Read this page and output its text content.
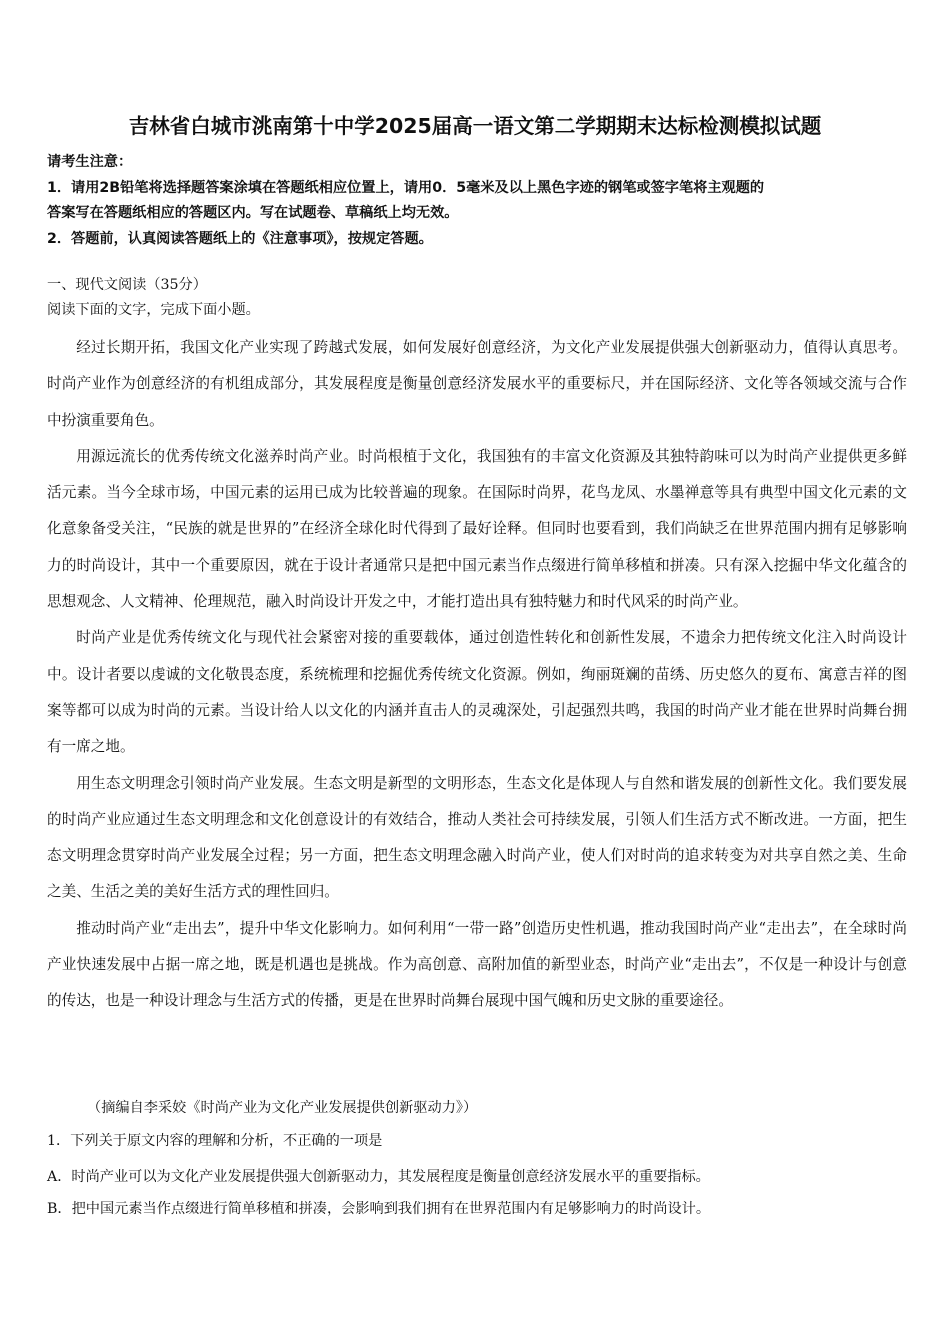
吉林省白城市洮南第十中学2025届高一语文第二学期期末达标检测模拟试题
请考生注意：
1．请用2B铅笔将选择题答案涂填在答题纸相应位置上，请用0．5毫米及以上黑色字迹的钢笔或签字笔将主观题的
答案写在答题纸相应的答题区内。写在试题卷、草稿纸上均无效。
2．答题前，认真阅读答题纸上的《注意事项》，按规定答题。
一、现代文阅读（35分）
阅读下面的文字，完成下面小题。

经过长期开拓，我国文化产业实现了跨越式发展，如何发展好创意经济，为文化产业发展提供强大创新驱动力，值得认真思考。时尚产业作为创意经济的有机组成部分，其发展程度是衡量创意经济发展水平的重要标尺，并在国际经济、文化等各领域交流与合作中扮演重要角色。

用源远流长的优秀传统文化滋养时尚产业。时尚根植于文化，我国独有的丰富文化资源及其独特韵味可以为时尚产业提供更多鲜活元素。当今全球市场，中国元素的运用已成为比较普遍的现象。在国际时尚界，花鸟龙凤、水墨禅意等具有典型中国文化元素的文化意象备受关注，“民族的就是世界的”在经济全球化时代得到了最好诠释。但同时也要看到，我们尚缺乏在世界范围内拥有足够影响力的时尚设计，其中一个重要原因，就在于设计者通常只是把中国元素当作点缀进行简单移植和拼凑。只有深入挖掘中华文化蕴含的思想观念、人文精神、伦理规范，融入时尚设计开发之中，才能打造出具有独特魅力和时代风采的时尚产业。

时尚产业是优秀传统文化与现代社会紧密对接的重要载体，通过创造性转化和创新性发展，不遗余力把传统文化注入时尚设计中。设计者要以虔诚的文化敬畏态度，系统梳理和挖掘优秀传统文化资源。例如，绚丽斑斓的苗绣、历史悠久的夏布、寓意吉祥的图案等都可以成为时尚的元素。当设计给人以文化的内涵并直击人的灵魂深处，引起强烈共鸣，我国的时尚产业才能在世界时尚舞台拥有一席之地。

用生态文明理念引领时尚产业发展。生态文明是新型的文明形态，生态文化是体现人与自然和谐发展的创新性文化。我们要发展的时尚产业应通过生态文明理念和文化创意设计的有效结合，推动人类社会可持续发展，引领人们生活方式不断改进。一方面，把生态文明理念贯穿时尚产业发展全过程；另一方面，把生态文明理念融入时尚产业，使人们对时尚的追求转变为对共享自然之美、生命之美、生活之美的美好生活方式的理性回归。

推动时尚产业“走出去”，提升中华文化影响力。如何利用“一带一路”创造历史性机遇，推动我国时尚产业“走出去”，在全球时尚产业快速发展中占据一席之地，既是机遇也是挑战。作为高创意、高附加值的新型业态，时尚产业“走出去”，不仅是一种设计与创意的传达，也是一种设计理念与生活方式的传播，更是在世界时尚舞台展现中国气魄和历史文脉的重要途径。

（摘编自李采姣《时尚产业为文化产业发展提供创新驱动力》）
1．下列关于原文内容的理解和分析，不正确的一项是
A．时尚产业可以为文化产业发展提供强大创新驱动力，其发展程度是衡量创意经济发展水平的重要指标。
B．把中国元素当作点缀进行简单移植和拼凑，会影响到我们拥有在世界范围内有足够影响力的时尚设计。
